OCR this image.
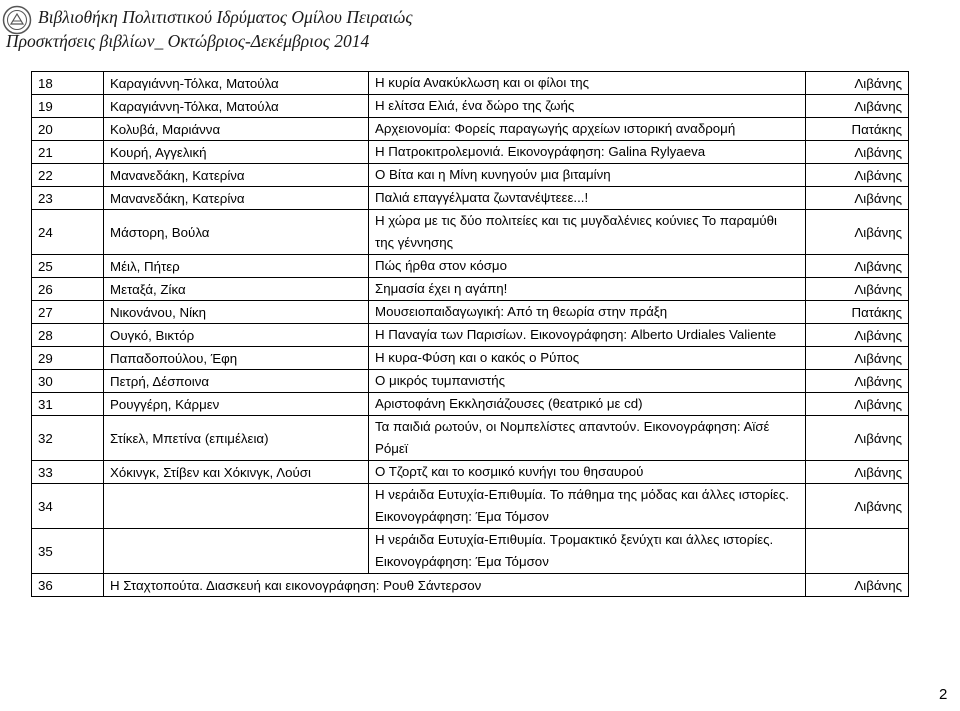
Βιβλιοθήκη Πολιτιστικού Ιδρύματος Ομίλου Πειραιώς
Προσκτήσεις βιβλίων_ Οκτώβριος-Δεκέμβριος 2014
18	Καραγιάννη-Τόλκα, Ματούλα	Η κυρία Ανακύκλωση και οι φίλοι της	Λιβάνης
19	Καραγιάννη-Τόλκα, Ματούλα	Η ελίτσα Ελιά, ένα δώρο της ζωής	Λιβάνης
20	Κολυβά, Μαριάννα	Αρχειονομία: Φορείς παραγωγής αρχείων ιστορική αναδρομή	Πατάκης
21	Κουρή, Αγγελική	Η Πατροκιτρολεμονιά. Εικονογράφηση: Galina Rylyaeva	Λιβάνης
22	Μανανεδάκη, Κατερίνα	Ο Βίτα και η Μίνη κυνηγούν μια βιταμίνη	Λιβάνης
23	Μανανεδάκη, Κατερίνα	Παλιά επαγγέλματα ζωντανέψτεεε...!	Λιβάνης
24	Μάστορη, Βούλα	Η χώρα με τις δύο πολιτείες και τις μυγδαλένιες κούνιες Το παραμύθι
της γέννησης	Λιβάνης
25	Μέιλ, Πήτερ	Πώς ήρθα στον κόσμο	Λιβάνης
26	Μεταξά, Ζίκα	Σημασία έχει η αγάπη!	Λιβάνης
27	Νικονάνου, Νίκη	Μουσειοπαιδαγωγική: Από τη θεωρία στην πράξη	Πατάκης
28	Ουγκό, Βικτόρ	Η Παναγία των Παρισίων. Εικονογράφηση: Alberto Urdiales Valiente	Λιβάνης
29	Παπαδοπούλου, Έφη	Η κυρα-Φύση και ο κακός ο Ρύπος	Λιβάνης
30	Πετρή, Δέσποινα	Ο μικρός τυμπανιστής	Λιβάνης
31	Ρουγγέρη, Κάρμεν	Αριστοφάνη Εκκλησιάζουσες (θεατρικό με cd)	Λιβάνης
32	Στίκελ, Μπετίνα (επιμέλεια)	Τα παιδιά ρωτούν, οι Νομπελίστες απαντούν. Εικονογράφηση: Αϊσέ
Ρόμεϊ	Λιβάνης
33	Χόκινγκ, Στίβεν και Χόκινγκ, Λούσι	Ο Τζορτζ και το κοσμικό κυνήγι του θησαυρού	Λιβάνης
34		Η νεράιδα Ευτυχία-Επιθυμία. Το πάθημα της μόδας και άλλες ιστορίες.
Εικονογράφηση: Έμα Τόμσον	Λιβάνης
35		Η νεράιδα Ευτυχία-Επιθυμία. Τρομακτικό ξενύχτι και άλλες ιστορίες.
Εικονογράφηση: Έμα Τόμσον	

36	Η Σταχτοπούτα. Διασκευή και εικονογράφηση: Ρουθ Σάντερσον		Λιβάνης
2
